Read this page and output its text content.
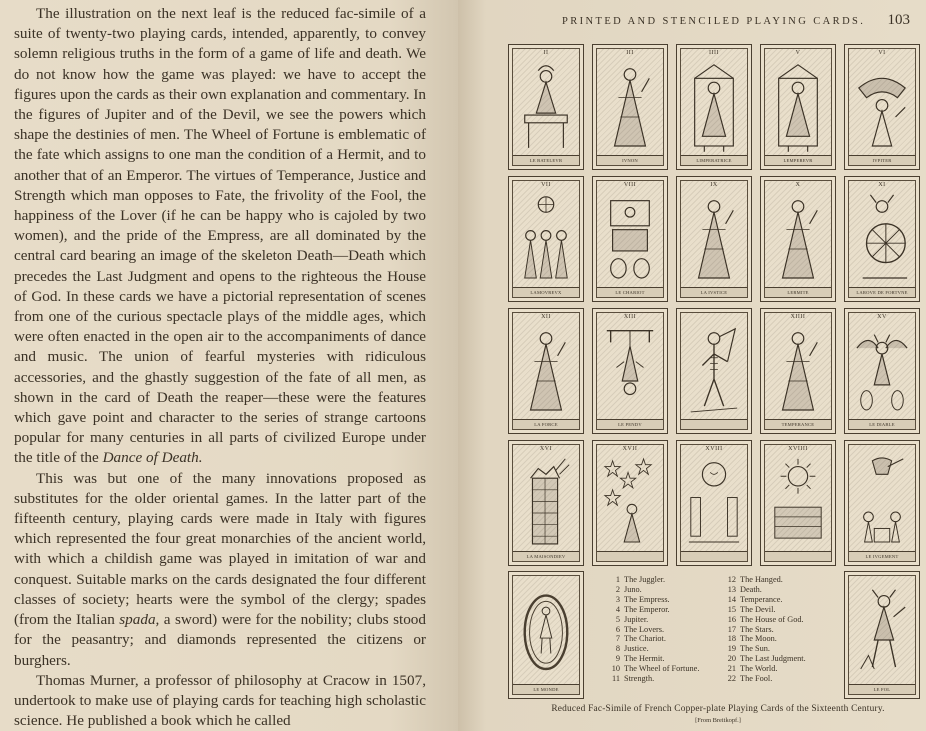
The illustration on the next leaf is the reduced fac-simile of a suite of twenty-two playing cards, intended, apparently, to convey solemn religious truths in the form of a game of life and death. We do not know how the game was played: we have to accept the figures upon the cards as their own explanation and commentary. In the figures of Jupiter and of the Devil, we see the powers which shape the destinies of men. The Wheel of Fortune is emblematic of the fate which assigns to one man the condition of a Hermit, and to another that of an Emperor. The virtues of Temperance, Justice and Strength which man opposes to Fate, the frivolity of the Fool, the happiness of the Lover (if he can be happy who is cajoled by two women), and the pride of the Empress, are all dominated by the central card bearing an image of the skeleton Death—Death which precedes the Last Judgment and opens to the righteous the House of God. In these cards we have a pictorial representation of scenes from one of the curious spectacle plays of the middle ages, which were often enacted in the open air to the accompaniments of dance and music. The union of fearful mysteries with ridiculous accessories, and the ghastly suggestion of the fate of all men, as shown in the card of Death the reaper—these were the features which gave point and character to the series of strange cartoons popular for many centuries in all parts of civilized Europe under the title of the Dance of Death.

This was but one of the many innovations proposed as substitutes for the older oriental games. In the latter part of the fifteenth century, playing cards were made in Italy with figures which represented the four great monarchies of the ancient world, with which a childish game was played in imitation of war and conquest. Suitable marks on the cards designated the four different classes of society; hearts were the symbol of the clergy; spades (from the Italian spada, a sword) were for the nobility; clubs stood for the peasantry; and diamonds represented the citizens or burghers.

Thomas Murner, a professor of philosophy at Cracow in 1507, undertook to make use of playing cards for teaching high scholastic science. He published a book which he called

PRINTED AND STENCILED PLAYING CARDS. 103
II
LE BATELEVR
III
IVNON
IIII
LIMPERATRICE
V
LEMPEREVR
VI
IVPITER
VII
LAMOVREVX
VIII
LE CHARIOT
IX
LA IVSTICE
X
LERMITE
XI
LAROVE DE FORTVNE
XII
LA FORCE
XIII
LE PENDV
XIIII
TEMPERANCE
XV
LE DIABLE
XVI
LA MAISONDIEV
XVII	XVIII	XVIIII
LE IVGEMENT
LE MONDE
1 The Juggler.
2 Juno.
3 The Empress.
4 The Emperor.
5 Jupiter.
6 The Lovers.
7 The Chariot.
8 Justice.
9 The Hermit.
10 The Wheel of Fortune.
11 Strength.
12 The Hanged.
13 Death.
14 Temperance.
15 The Devil.
16 The House of God.
17 The Stars.
18 The Moon.
19 The Sun.
20 The Last Judgment.
21 The World.
22 The Fool.
LE FOL
Reduced Fac-Simile of French Copper-plate Playing Cards of the Sixteenth Century.
[From Breitkopf.]
